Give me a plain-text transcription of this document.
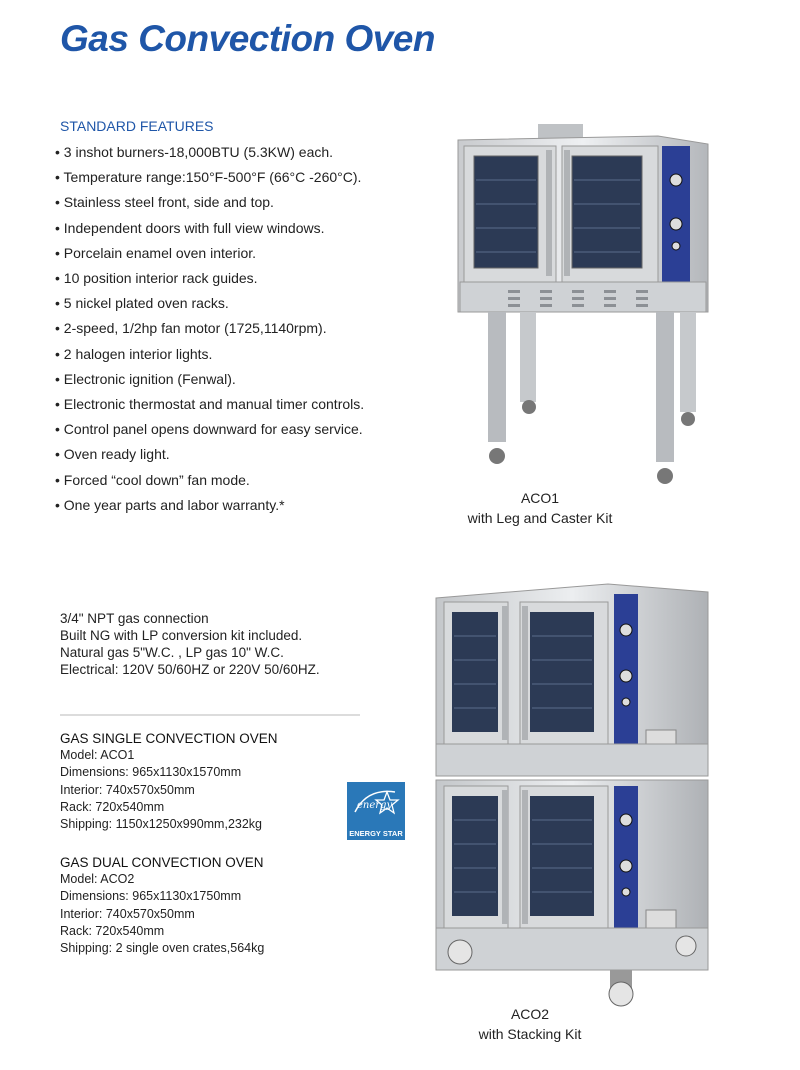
Gas Convection Oven
STANDARD FEATURES
• 3 inshot burners-18,000BTU (5.3KW) each.
• Temperature range:150°F-500°F (66°C -260°C).
• Stainless steel front, side and top.
• Independent doors with full view windows.
• Porcelain enamel oven interior.
• 10 position interior rack guides.
• 5 nickel plated oven racks.
• 2-speed, 1/2hp fan motor (1725,1140rpm).
• 2 halogen interior lights.
• Electronic ignition (Fenwal).
• Electronic thermostat and manual timer controls.
• Control panel opens downward for easy service.
• Oven ready light.
• Forced “cool down” fan mode.
• One year parts and labor warranty.*	ACO1
with Leg and Caster Kit
3/4" NPT gas connection
Built NG with LP conversion kit included.
Natural gas 5"W.C. , LP gas 10" W.C.
Electrical: 120V 50/60HZ or 220V 50/60HZ.
GAS SINGLE CONVECTION OVEN
Model: ACO1
Dimensions: 965x1130x1570mm
Interior: 740x570x50mm
Rack: 720x540mm
Shipping: 1150x1250x990mm,232kg
GAS DUAL CONVECTION OVEN
Model: ACO2
Dimensions: 965x1130x1750mm
Interior: 740x570x50mm
Rack: 720x540mm
Shipping: 2 single oven crates,564kg
energy
ENERGY STAR
ACO2
with Stacking Kit
